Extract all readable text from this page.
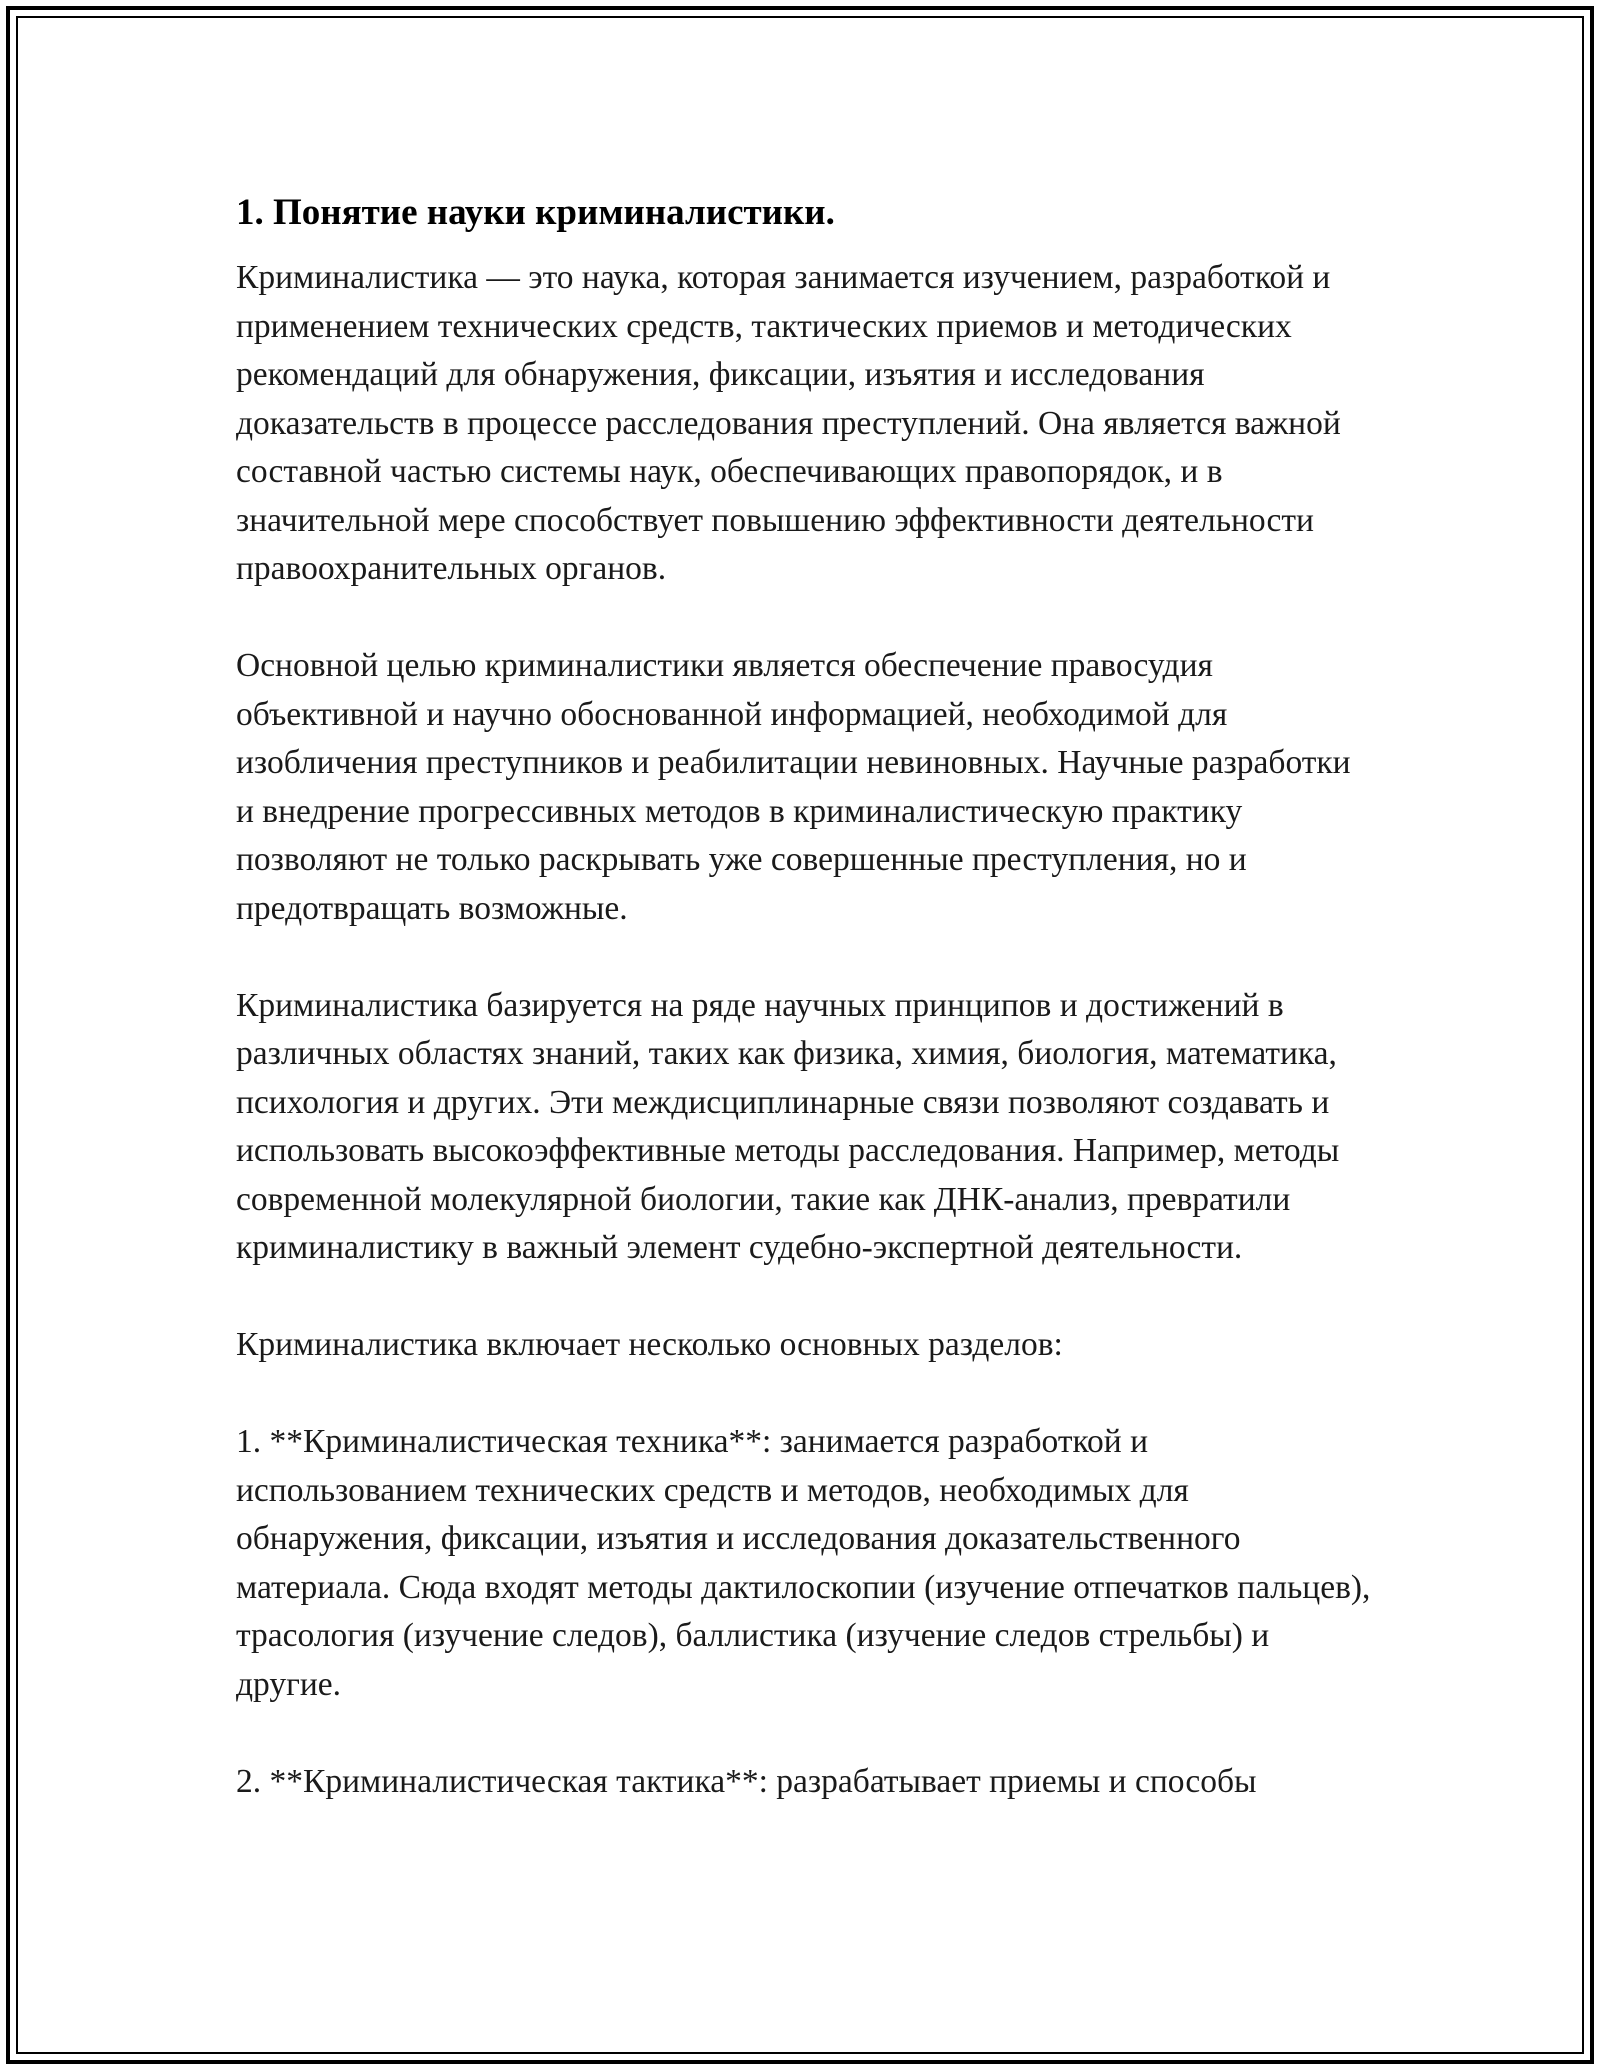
1. Понятие науки криминалистики.

Криминалистика — это наука, которая занимается изучением, разработкой и применением технических средств, тактических приемов и методических рекомендаций для обнаружения, фиксации, изъятия и исследования доказательств в процессе расследования преступлений. Она является важной составной частью системы наук, обеспечивающих правопорядок, и в значительной мере способствует повышению эффективности деятельности правоохранительных органов.

Основной целью криминалистики является обеспечение правосудия объективной и научно обоснованной информацией, необходимой для изобличения преступников и реабилитации невиновных. Научные разработки и внедрение прогрессивных методов в криминалистическую практику позволяют не только раскрывать уже совершенные преступления, но и предотвращать возможные.

Криминалистика базируется на ряде научных принципов и достижений в различных областях знаний, таких как физика, химия, биология, математика, психология и других. Эти междисциплинарные связи позволяют создавать и использовать высокоэффективные методы расследования. Например, методы современной молекулярной биологии, такие как ДНК-анализ, превратили криминалистику в важный элемент судебно-экспертной деятельности.

Криминалистика включает несколько основных разделов:

1. **Криминалистическая техника**: занимается разработкой и использованием технических средств и методов, необходимых для обнаружения, фиксации, изъятия и исследования доказательственного материала. Сюда входят методы дактилоскопии (изучение отпечатков пальцев), трасология (изучение следов), баллистика (изучение следов стрельбы) и другие.

2. **Криминалистическая тактика**: разрабатывает приемы и способы
